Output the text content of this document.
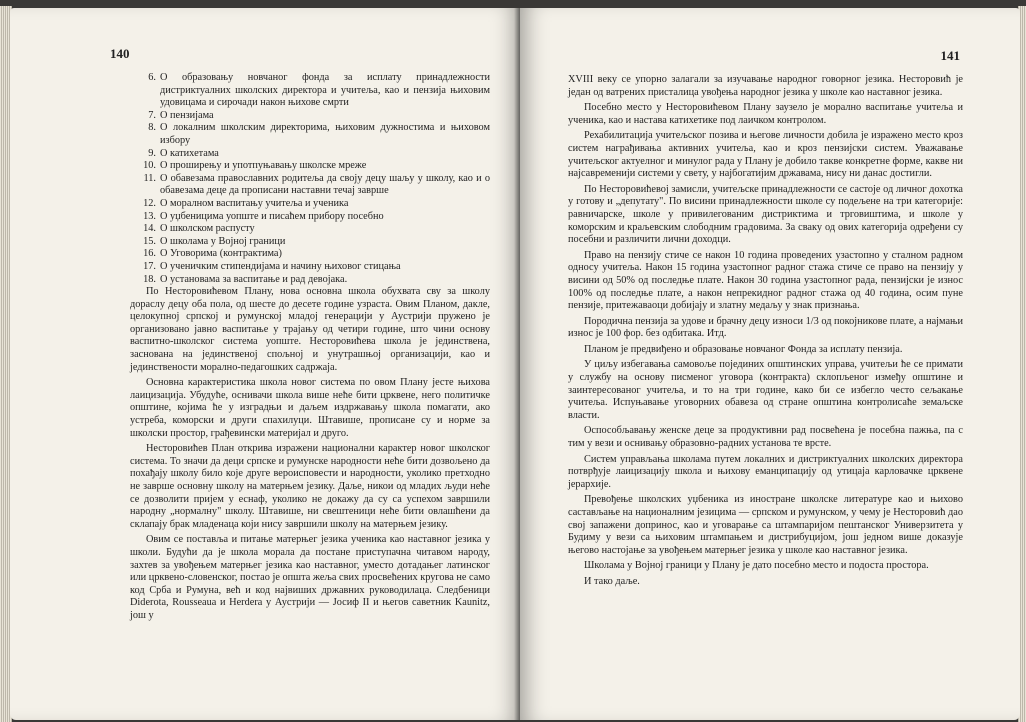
140
6. О образовању новчаног фонда за исплату принадлежности дистриктуалних школских директора и учитеља, као и пензија њиховим удовицама и сирочади након њихове смрти
7. О пензијама
8. О локалним школским директорима, њиховим дужностима и њиховом избору
9. О катихетама
10. О проширењу и употпуњавању школске мреже
11. О обавезама православних родитеља да своју децу шаљу у школу, као и о обавезама деце да прописани наставни течај заврше
12. О моралном васпитању учитеља и ученика
13. О уџбеницима уопште и писаћем прибору посебно
14. О школском распусту
15. О школама у Војној граници
16. О Уговорима (контрактима)
17. О ученичким стипендијама и начину њиховог стицања
18. О установама за васпитање и рад девојака.

По Несторовићевом Плану, нова основна школа обухвата сву за школу дораслу децу оба пола, од шесте до десете године узраста. Овим Планом, дакле, целокупној српској и румунској младој генерацији у Аустрији пружено је организовано јавно васпитање у трајању од четири године, што чини основу васпитно-школског система уопште. Несторовићева школа је јединствена, заснована на јединственој спољној и унутрашњој организацији, као и јединствености морално-педагошких садржаја.

Основна карактеристика школа новог система по овом Плану јесте њихова лаицизација. Убудуће, оснивачи школа више неће бити црквене, него политичке општине, којима ће у изградњи и даљем издржавању школа помагати, ако устреба, коморски и други спахилуци. Штавише, прописане су и норме за школски простор, грађевински материјал и друго.

Несторовићев План открива изражени национални карактер новог школског система. То значи да деци српске и румунске народности неће бити дозвољено да похађају школу било које друге вероисповести и народности, уколико претходно не заврше основну школу на матерњем језику. Даље, никои од младих људи неће се дозволити пријем у еснаф, уколико не докажу да су са успехом завршили народну „нормалну" школу. Штавише, ни свештеници неће бити овлашћени да склапају брак младенаца који нису завршили школу на матерњем језику.

Овим се постављa и питање матерњег језика ученика као наставног језика у школи. Будући да је школа морала да постане приступачна читавом народу, захтев за увођењем матерњег језика као наставног, уместо дотадањег латинског или црквено-словенског, постао је општа жеља свих просвећених кругова не само код Срба и Румуна, већ и код највиших државних руководилаца. Следбеници Diderota, Rousseaua и Herdera у Аустрији — Јосиф II и његов саветник Kaunitz, још у

141

XVIII веку се упорно залагали за изучавање народног говорног језика. Несторовић је један од ватрених присталица увођења народног језика у школе као наставног језика.

Посебно место у Несторовићевом Плану заузело је морално васпитање учитеља и ученика, као и настава катихетике под лаичком контролом.

Рехабилитација учитељског позива и његове личности добила је изражено место кроз систем награђивања активних учитеља, као и кроз пензијски систем. Уважавање учитељског актуелног и минулог рада у Плану је добило такве конкретне форме, какве ни најсавременији системи у свету, у најбогатијим државама, нису ни данас достигли.

По Несторовићевој замисли, учитељске принадлежности се састоје од личног дохотка у готову и „депутату". По висини принадлежности школе су подељене на три категорије: равничарске, школе у привилегованим дистриктима и трговиштима, и школе у коморским и краљевским слободним градовима. За сваку од ових категорија одређени су посебни и различити лични доходци.

Право на пензију стиче се након 10 година проведених узастопно у сталном радном односу учитеља. Након 15 година узастопног радног стажа стиче се право на пензију у висини од 50% од последње плате. Након 30 година узастопног рада, пензијски је износ 100% од последње плате, а након непрекидног радног стажа од 40 година, осим пуне пензије, притежаваоци добијају и златну медаљу у знак признања.

Породична пензија за удове и брачну децу износи 1/3 од покојникове плате, а најмањи износ је 100 фор. без одбитака. Итд.

Планом је предвиђено и образовање новчаног Фонда за исплату пензија.

У циљу избегавања самовоље појединих општинских управа, учитељи ће се примати у службу на основу писменог уговора (контракта) склопљеног између општине и заинтересованог учитеља, и то на три године, како би се избегло често сељакање учитеља. Испуњавање уговорних обавеза од стране општина контролисаће земаљске власти.

Оспособљавању женске деце за продуктивни рад посвећена је посебна пажња, па с тим у вези и оснивању образовно-радних установа те врсте.

Систем управљања школама путем локалних и дистриктуалних школских директора потврђује лаицизацију школа и њихову еманципацију од утицаја карловачке црквене јерархије.

Превођење школских уџбеника из иностране школске литературе као и њихово састављање на националним језицима — српском и румунском, у чему је Несторовић дао свој запажени допринос, као и уговарање са штампаријом пештанског Универзитета у Будиму у вези са њиховим штампањем и дистрибуцијом, још једном више доказује његово настојање за увођењем матерњег језика у школе као наставног језика.

Школама у Војној граници у Плану је дато посебно место и подоста простора.

И тако даље.
